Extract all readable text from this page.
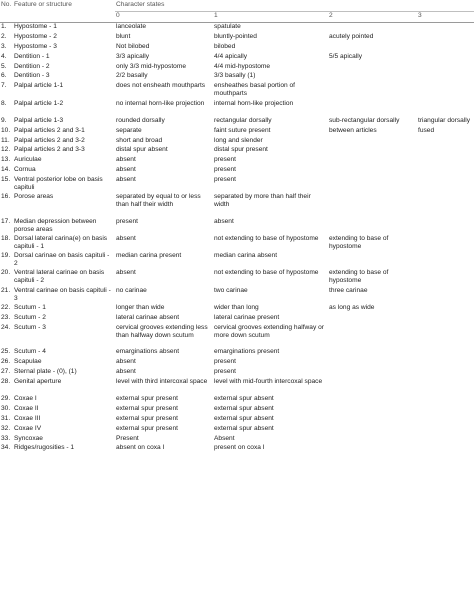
No.	Feature or structure	Character states			
		0	1	2	3
1.	Hypostome - 1	lanceolate	spatulate		
2.	Hypostome - 2	blunt	bluntly-pointed	acutely pointed	
3.	Hypostome - 3	Not bilobed	bilobed		
4.	Dentition - 1	3/3 apically	4/4 apically	5/5 apically	
5.	Dentition - 2	only 3/3 mid-hypostome	4/4 mid-hypostome		
6.	Dentition - 3	2/2 basally	3/3 basally (1)		
7.	Palpal article 1-1	does not ensheath mouthparts	ensheathes basal portion of mouthparts		
8.	Palpal article 1-2	no internal horn-like projection	internal horn-like projection		
9.	Palpal article 1-3	rounded dorsally	rectangular dorsally	sub-rectangular dorsally	triangular dorsally
10.	Palpal articles 2 and 3-1	separate	faint suture present	between articles	fused
11.	Palpal articles 2 and 3-2	short and broad	long and slender		
12.	Palpal articles 2 and 3-3	distal spur absent	distal spur present		
13.	Auriculae	absent	present		
14.	Cornua	absent	present		
15.	Ventral posterior lobe on basis capituli	absent	present		
16.	Porose areas	separated by equal to or less than half their width	separated by more than half their width		
17.	Median depression between porose areas	present	absent		
18.	Dorsal lateral carina(e) on basis capituli - 1	absent	not extending to base of hypostome	extending to base of hypostome	
19.	Dorsal carinae on basis capituli - 2	median carina present	median carina absent		
20.	Ventral lateral carinae on basis capituli - 2	absent	not extending to base of hypostome	extending to base of hypostome	
21.	Ventral carinae on basis capituli - 3	no carinae	two carinae	three carinae	
22.	Scutum - 1	longer than wide	wider than long	as long as wide	
23.	Scutum - 2	lateral carinae absent	lateral carinae present		
24.	Scutum - 3	cervical grooves extending less than halfway down scutum	cervical grooves extending halfway or more down scutum		
25.	Scutum - 4	emarginations absent	emarginations present		
26.	Scapulae	absent	present		
27.	Sternal plate - (0), (1)	absent	present		
28.	Genital aperture	level with third intercoxal space	level with mid-fourth intercoxal space		
29.	Coxae I	external spur present	external spur absent		
30.	Coxae II	external spur present	external spur absent		
31.	Coxae III	external spur present	external spur absent		
32.	Coxae IV	external spur present	external spur absent		
33.	Syncoxae	Present	Absent		
34.	Ridges/rugosities - 1	absent on coxa I	present on coxa I		
